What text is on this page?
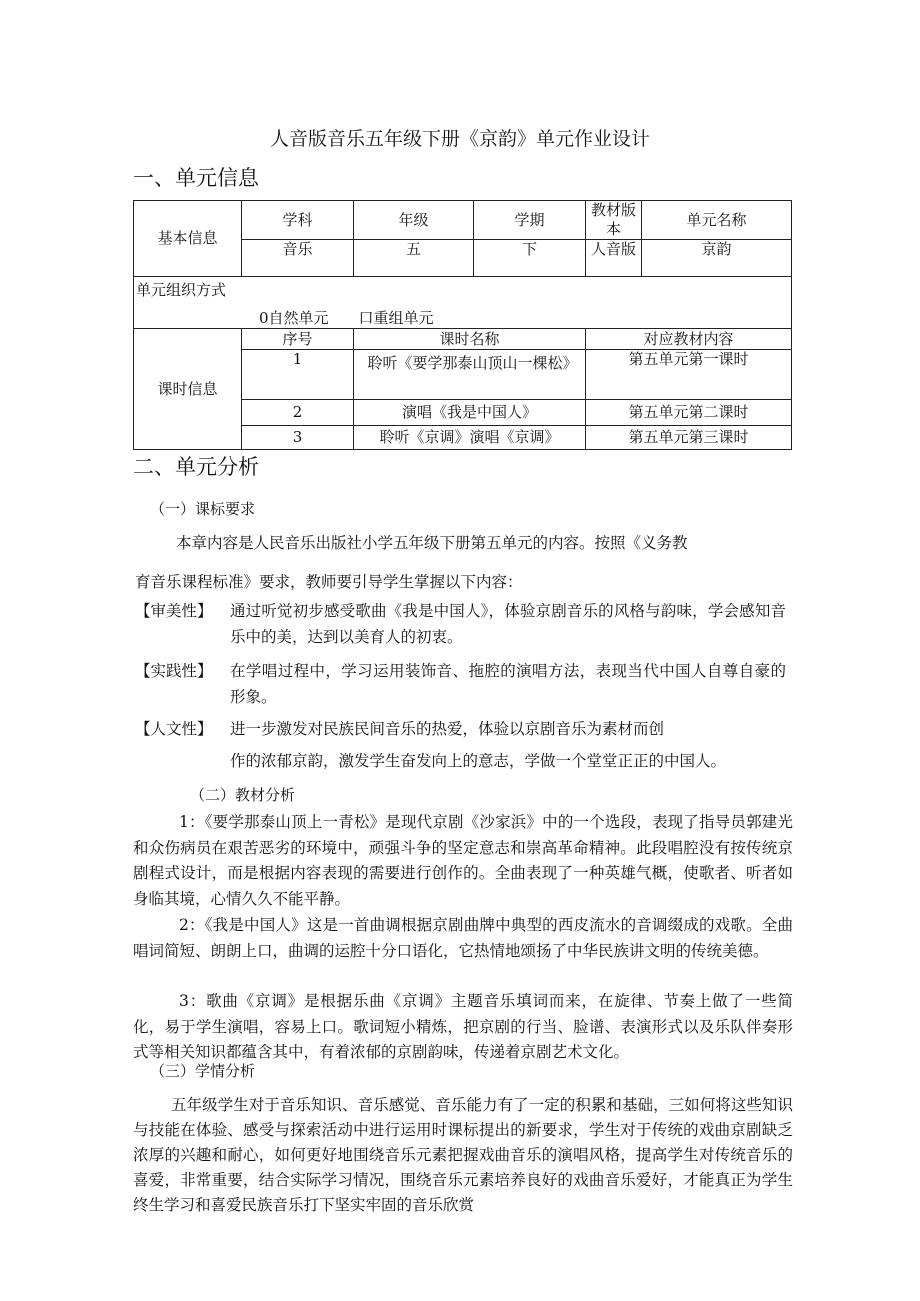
人音版音乐五年级下册《京韵》单元作业设计
一、单元信息
基本信息	学科	年级	学期	教材版本	单元名称
	音乐	五	下	人音版	京韵

单元组织方式
0自然单元　　口重组单元					

课时信息	序号	课时名称		对应教材内容	
	1	聆听《要学那泰山顶山一棵松》		第五单元第一课时	
	2	演唱《我是中国人》		第五单元第二课时	
	3	聆听《京调》演唱《京调》		第五单元第三课时	
二、单元分析
（一）课标要求
本章内容是人民音乐出版社小学五年级下册第五单元的内容。按照《义务教
育音乐课程标准》要求，教师要引导学生掌握以下内容：
【审美性】 通过听觉初步感受歌曲《我是中国人》，体验京剧音乐的风格与韵味，学会感知音乐中的美，达到以美育人的初衷。
【实践性】 在学唱过程中，学习运用装饰音、拖腔的演唱方法，表现当代中国人自尊自豪的形象。
【人文性】 进一步激发对民族民间音乐的热爱，体验以京剧音乐为素材而创
作的浓郁京韵，激发学生奋发向上的意志，学做一个堂堂正正的中国人。
（二）教材分析
1：《要学那泰山顶上一青松》是现代京剧《沙家浜》中的一个选段，表现了指导员郭建光和众伤病员在艰苦恶劣的环境中，顽强斗争的坚定意志和崇高革命精神。此段唱腔没有按传统京剧程式设计，而是根据内容表现的需要进行创作的。全曲表现了一种英雄气概，使歌者、听者如身临其境，心情久久不能平静。
2：《我是中国人》这是一首曲调根据京剧曲牌中典型的西皮流水的音调缀成的戏歌。全曲唱词简短、朗朗上口，曲调的运腔十分口语化，它热情地颂扬了中华民族讲文明的传统美德。
3：歌曲《京调》是根据乐曲《京调》主题音乐填词而来，在旋律、节奏上做了一些简化，易于学生演唱，容易上口。歌词短小精炼，把京剧的行当、脸谱、表演形式以及乐队伴奏形式等相关知识都蕴含其中，有着浓郁的京剧韵味，传递着京剧艺术文化。
（三）学情分析
五年级学生对于音乐知识、音乐感觉、音乐能力有了一定的积累和基础，三如何将这些知识与技能在体验、感受与探索活动中进行运用时课标提出的新要求，学生对于传统的戏曲京剧缺乏浓厚的兴趣和耐心，如何更好地围绕音乐元素把握戏曲音乐的演唱风格，提高学生对传统音乐的喜爱，非常重要，结合实际学习情况，围绕音乐元素培养良好的戏曲音乐爱好，才能真正为学生终生学习和喜爱民族音乐打下坚实牢固的音乐欣赏
